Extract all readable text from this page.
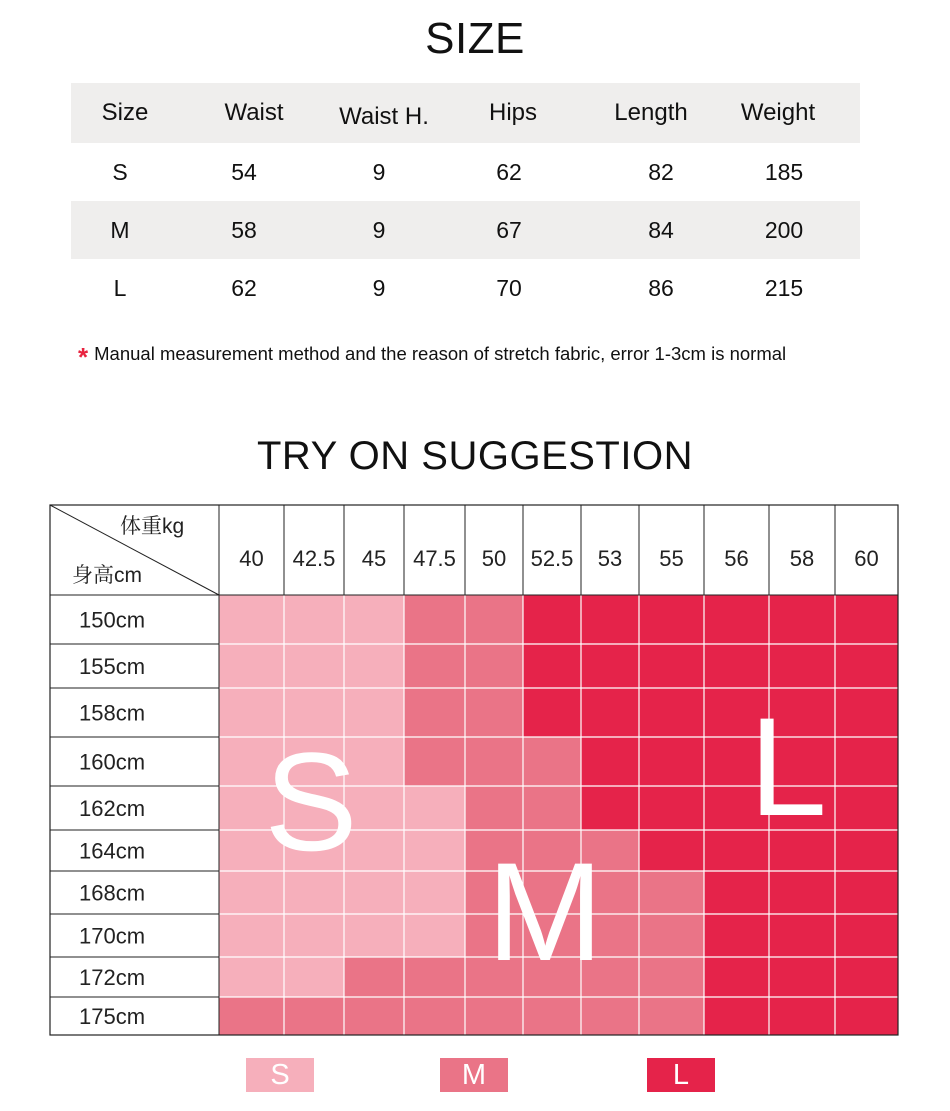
SIZE
Size	Waist	Waist H.	Hips	Length	Weight
S	54	9	62	82	185
M	58	9	67	84	200
L	62	9	70	86	215
* Manual measurement method and the reason of stretch fabric, error 1-3cm is normal
TRY ON SUGGESTION
体重kg
身高cm
40 42.5 45 47.5 50 52.5 53 55 56 58 60
150cm
155cm
158cm
160cm
162cm
164cm
168cm
170cm
172cm
175cm
S
M
L
S	M	L
